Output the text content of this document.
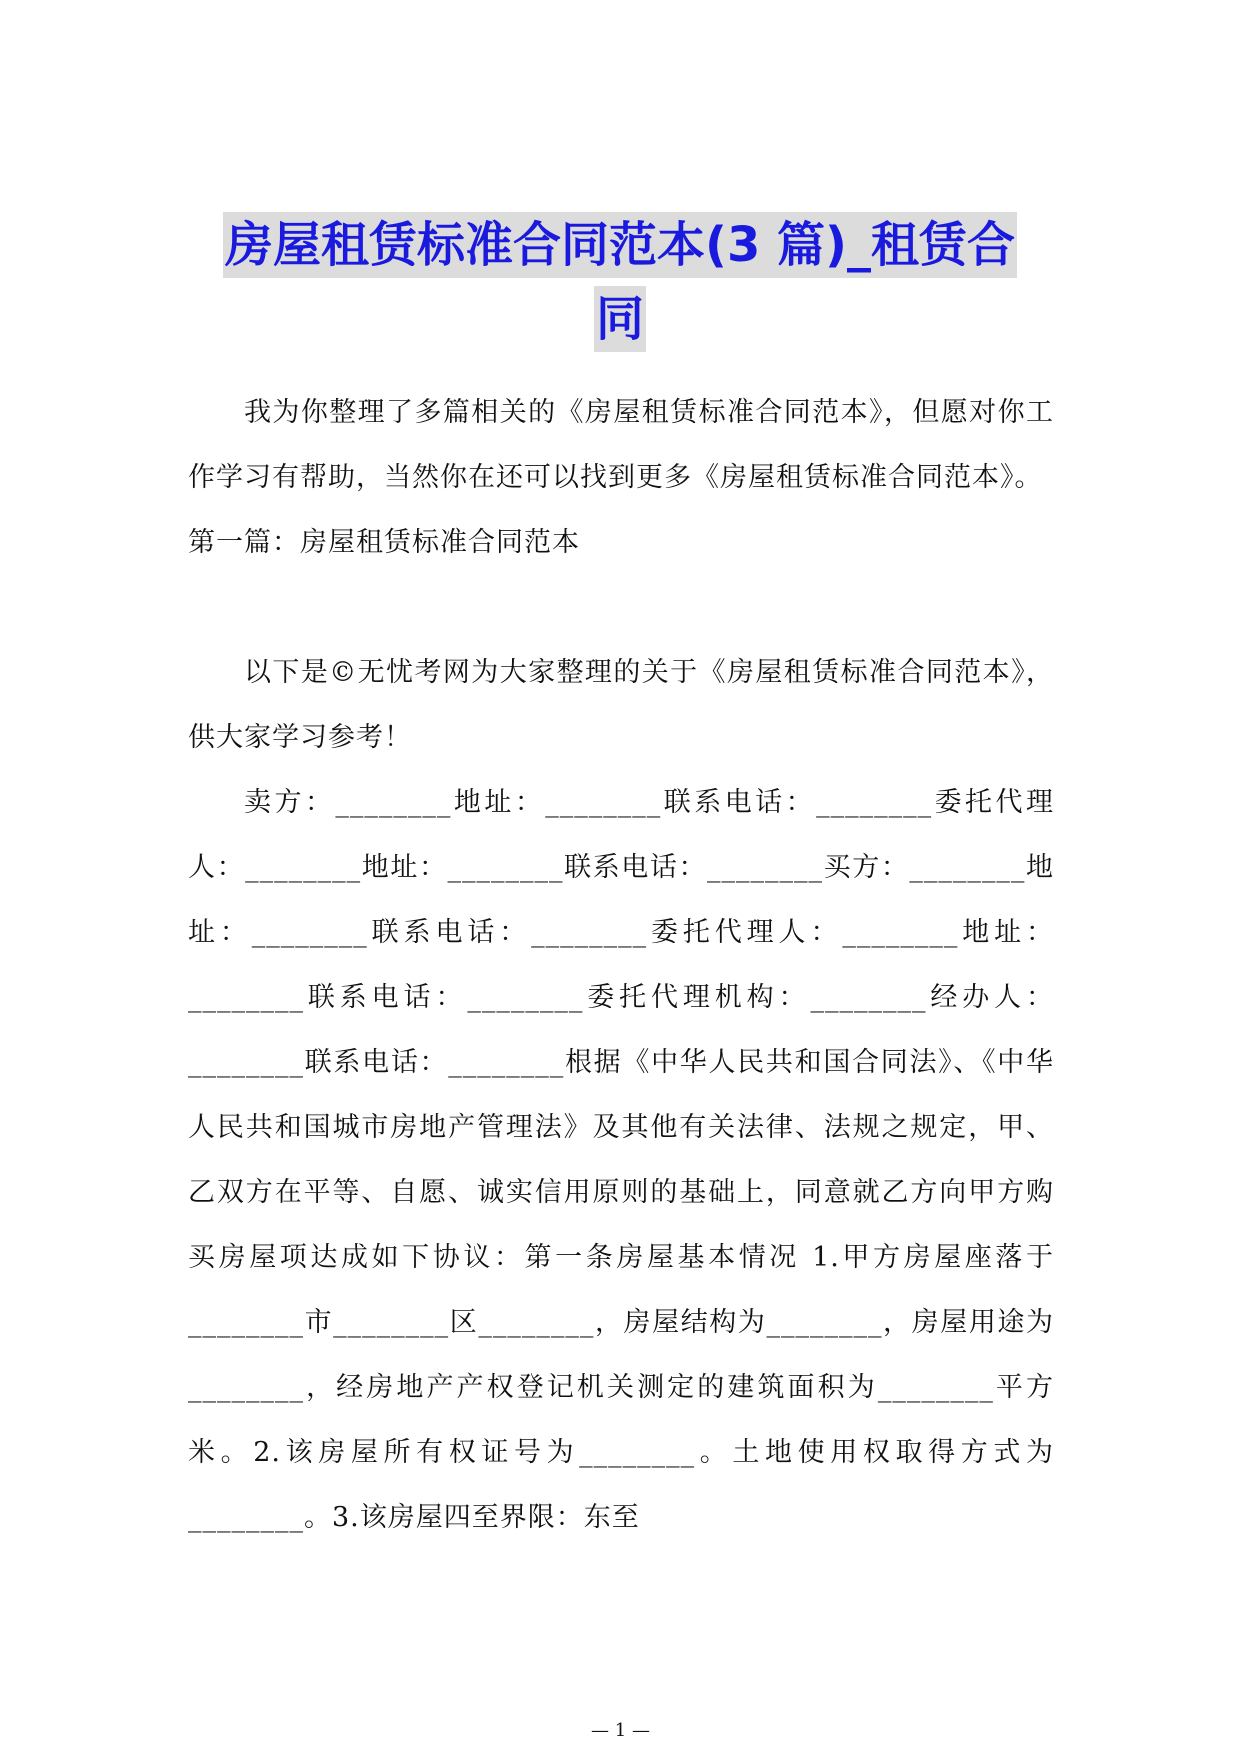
房屋租赁标准合同范本(3 篇)_租赁合
同

我为你整理了多篇相关的《房屋租赁标准合同范本》，但愿对你工作学习有帮助，当然你在还可以找到更多《房屋租赁标准合同范本》。

第一篇：房屋租赁标准合同范本

以下是©无忧考网为大家整理的关于《房屋租赁标准合同范本》，供大家学习参考！

卖方：________地址：________联系电话：________委托代理人：________地址：________联系电话：________买方：________地址：________联系电话：________委托代理人：________地址：________联系电话：________委托代理机构：________经办人：________联系电话：________根据《中华人民共和国合同法》、《中华人民共和国城市房地产管理法》及其他有关法律、法规之规定，甲、乙双方在平等、自愿、诚实信用原则的基础上，同意就乙方向甲方购买房屋项达成如下协议：第一条房屋基本情况 1.甲方房屋座落于________市________区________，房屋结构为________，房屋用途为________，经房地产产权登记机关测定的建筑面积为________平方米。2.该房屋所有权证号为________。土地使用权取得方式为________。3.该房屋四至界限：东至

— 1 —
